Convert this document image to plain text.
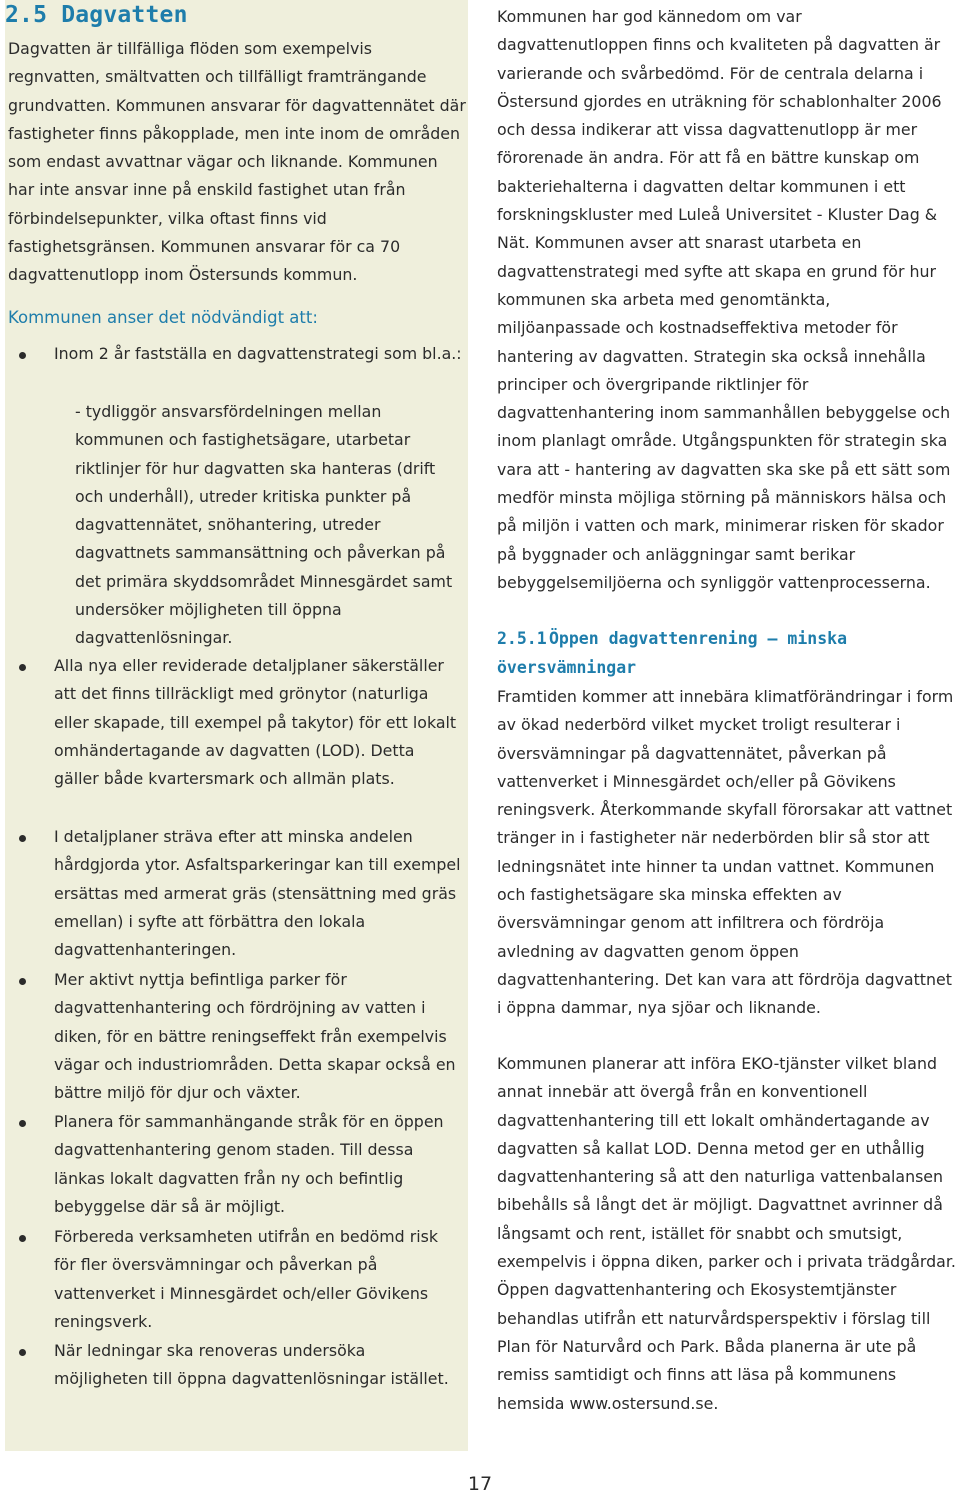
2.5 Dagvatten

Dagvatten är tillfälliga flöden som exempelvis regnvatten, smältvatten och tillfälligt framträngande grundvatten. Kommunen ansvarar för dagvattennätet där fastigheter finns påkopplade, men inte inom de områden som endast avvattnar vägar och liknande. Kommunen har inte ansvar inne på enskild fastighet utan från förbindelsepunkter, vilka oftast finns vid fastighetsgränsen. Kommunen ansvarar för ca 70 dagvattenutlopp inom Östersunds kommun.

Kommunen anser det nödvändigt att:

Inom 2 år fastställa en dagvattenstrategi som bl.a.:

- tydliggör ansvarsfördelningen mellan kommunen och fastighetsägare, utarbetar riktlinjer för hur dagvatten ska hanteras (drift och underhåll), utreder kritiska punkter på dagvattennätet, snöhantering, utreder dagvattnets sammansättning och påverkan på det primära skyddsområdet Minnesgärdet samt undersöker möjligheten till öppna dagvattenlösningar.

Alla nya eller reviderade detaljplaner säkerställer att det finns tillräckligt med grönytor (naturliga eller skapade, till exempel på takytor) för ett lokalt omhändertagande av dagvatten (LOD). Detta gäller både kvartersmark och allmän plats.

I detaljplaner sträva efter att minska andelen hårdgjorda ytor. Asfaltsparkeringar kan till exempel ersättas med armerat gräs (stensättning med gräs emellan) i syfte att förbättra den lokala dagvattenhanteringen.

Mer aktivt nyttja befintliga parker för dagvattenhantering och fördröjning av vatten i diken, för en bättre reningseffekt från exempelvis vägar och industriområden. Detta skapar också en bättre miljö för djur och växter.

Planera för sammanhängande stråk för en öppen dagvattenhantering genom staden. Till dessa länkas lokalt dagvatten från ny och befintlig bebyggelse där så är möjligt.

Förbereda verksamheten utifrån en bedömd risk för fler översvämningar och påverkan på vattenverket i Minnesgärdet och/eller Gövikens reningsverk.

När ledningar ska renoveras undersöka möjligheten till öppna dagvattenlösningar istället.

Kommunen har god kännedom om var dagvattenutloppen finns och kvaliteten på dagvatten är varierande och svårbedömd. För de centrala delarna i Östersund gjordes en uträkning för schablonhalter 2006 och dessa indikerar att vissa dagvattenutlopp är mer förorenade än andra. För att få en bättre kunskap om bakteriehalterna i dagvatten deltar kommunen i ett forskningskluster med Luleå Universitet - Kluster Dag & Nät. Kommunen avser att snarast utarbeta en dagvattenstrategi med syfte att skapa en grund för hur kommunen ska arbeta med genomtänkta, miljöanpassade och kostnadseffektiva metoder för hantering av dagvatten. Strategin ska också innehålla principer och övergripande riktlinjer för dagvattenhantering inom sammanhållen bebyggelse och inom planlagt område. Utgångspunkten för strategin ska vara att - hantering av dagvatten ska ske på ett sätt som medför minsta möjliga störning på människors hälsa och på miljön i vatten och mark, minimerar risken för skador på byggnader och anläggningar samt berikar bebyggelsemiljöerna och synliggör vattenprocesserna.

2.5.1 Öppen dagvattenrening – minska översvämningar

Framtiden kommer att innebära klimatförändringar i form av ökad nederbörd vilket mycket troligt resulterar i översvämningar på dagvattennätet, påverkan på vattenverket i Minnesgärdet och/eller på Gövikens reningsverk. Återkommande skyfall förorsakar att vattnet tränger in i fastigheter när nederbörden blir så stor att ledningsnätet inte hinner ta undan vattnet. Kommunen och fastighetsägare ska minska effekten av översvämningar genom att infiltrera och fördröja avledning av dagvatten genom öppen dagvattenhantering. Det kan vara att fördröja dagvattnet i öppna dammar, nya sjöar och liknande.

Kommunen planerar att införa EKO-tjänster vilket bland annat innebär att övergå från en konventionell dagvattenhantering till ett lokalt omhändertagande av dagvatten så kallat LOD. Denna metod ger en uthållig dagvattenhantering så att den naturliga vattenbalansen bibehålls så långt det är möjligt. Dagvattnet avrinner då långsamt och rent, istället för snabbt och smutsigt, exempelvis i öppna diken, parker och i privata trädgårdar. Öppen dagvattenhantering och Ekosystemtjänster behandlas utifrån ett naturvårdsperspektiv i förslag till Plan för Naturvård och Park. Båda planerna är ute på remiss samtidigt och finns att läsa på kommunens hemsida www.ostersund.se.

17
